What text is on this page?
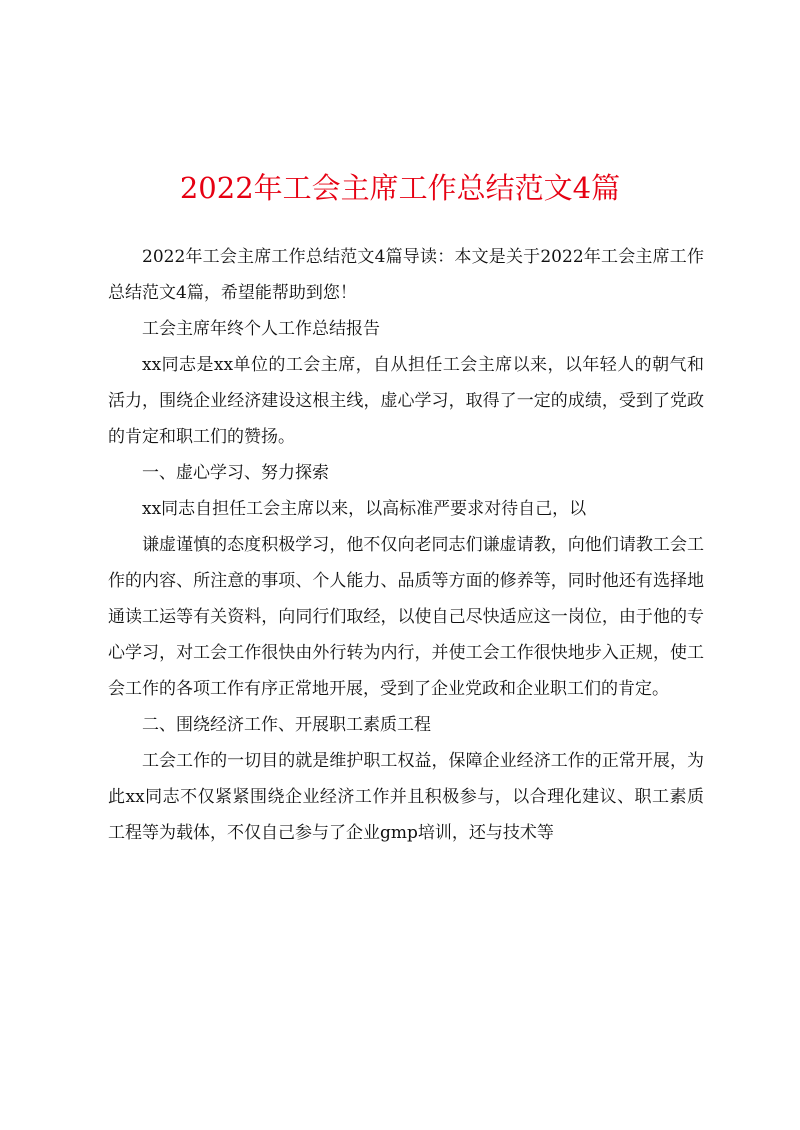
2022年工会主席工作总结范文4篇

2022年工会主席工作总结范文4篇导读：本文是关于2022年工会主席工作总结范文4篇，希望能帮助到您！

工会主席年终个人工作总结报告

xx同志是xx单位的工会主席，自从担任工会主席以来，以年轻人的朝气和活力，围绕企业经济建设这根主线，虚心学习，取得了一定的成绩，受到了党政的肯定和职工们的赞扬。

一、虚心学习、努力探索

xx同志自担任工会主席以来，以高标准严要求对待自己，以

谦虚谨慎的态度积极学习，他不仅向老同志们谦虚请教，向他们请教工会工作的内容、所注意的事项、个人能力、品质等方面的修养等，同时他还有选择地通读工运等有关资料，向同行们取经，以使自己尽快适应这一岗位，由于他的专心学习，对工会工作很快由外行转为内行，并使工会工作很快地步入正规，使工会工作的各项工作有序正常地开展，受到了企业党政和企业职工们的肯定。

二、围绕经济工作、开展职工素质工程

工会工作的一切目的就是维护职工权益，保障企业经济工作的正常开展，为此xx同志不仅紧紧围绕企业经济工作并且积极参与，以合理化建议、职工素质工程等为载体，不仅自己参与了企业gmp培训，还与技术等
